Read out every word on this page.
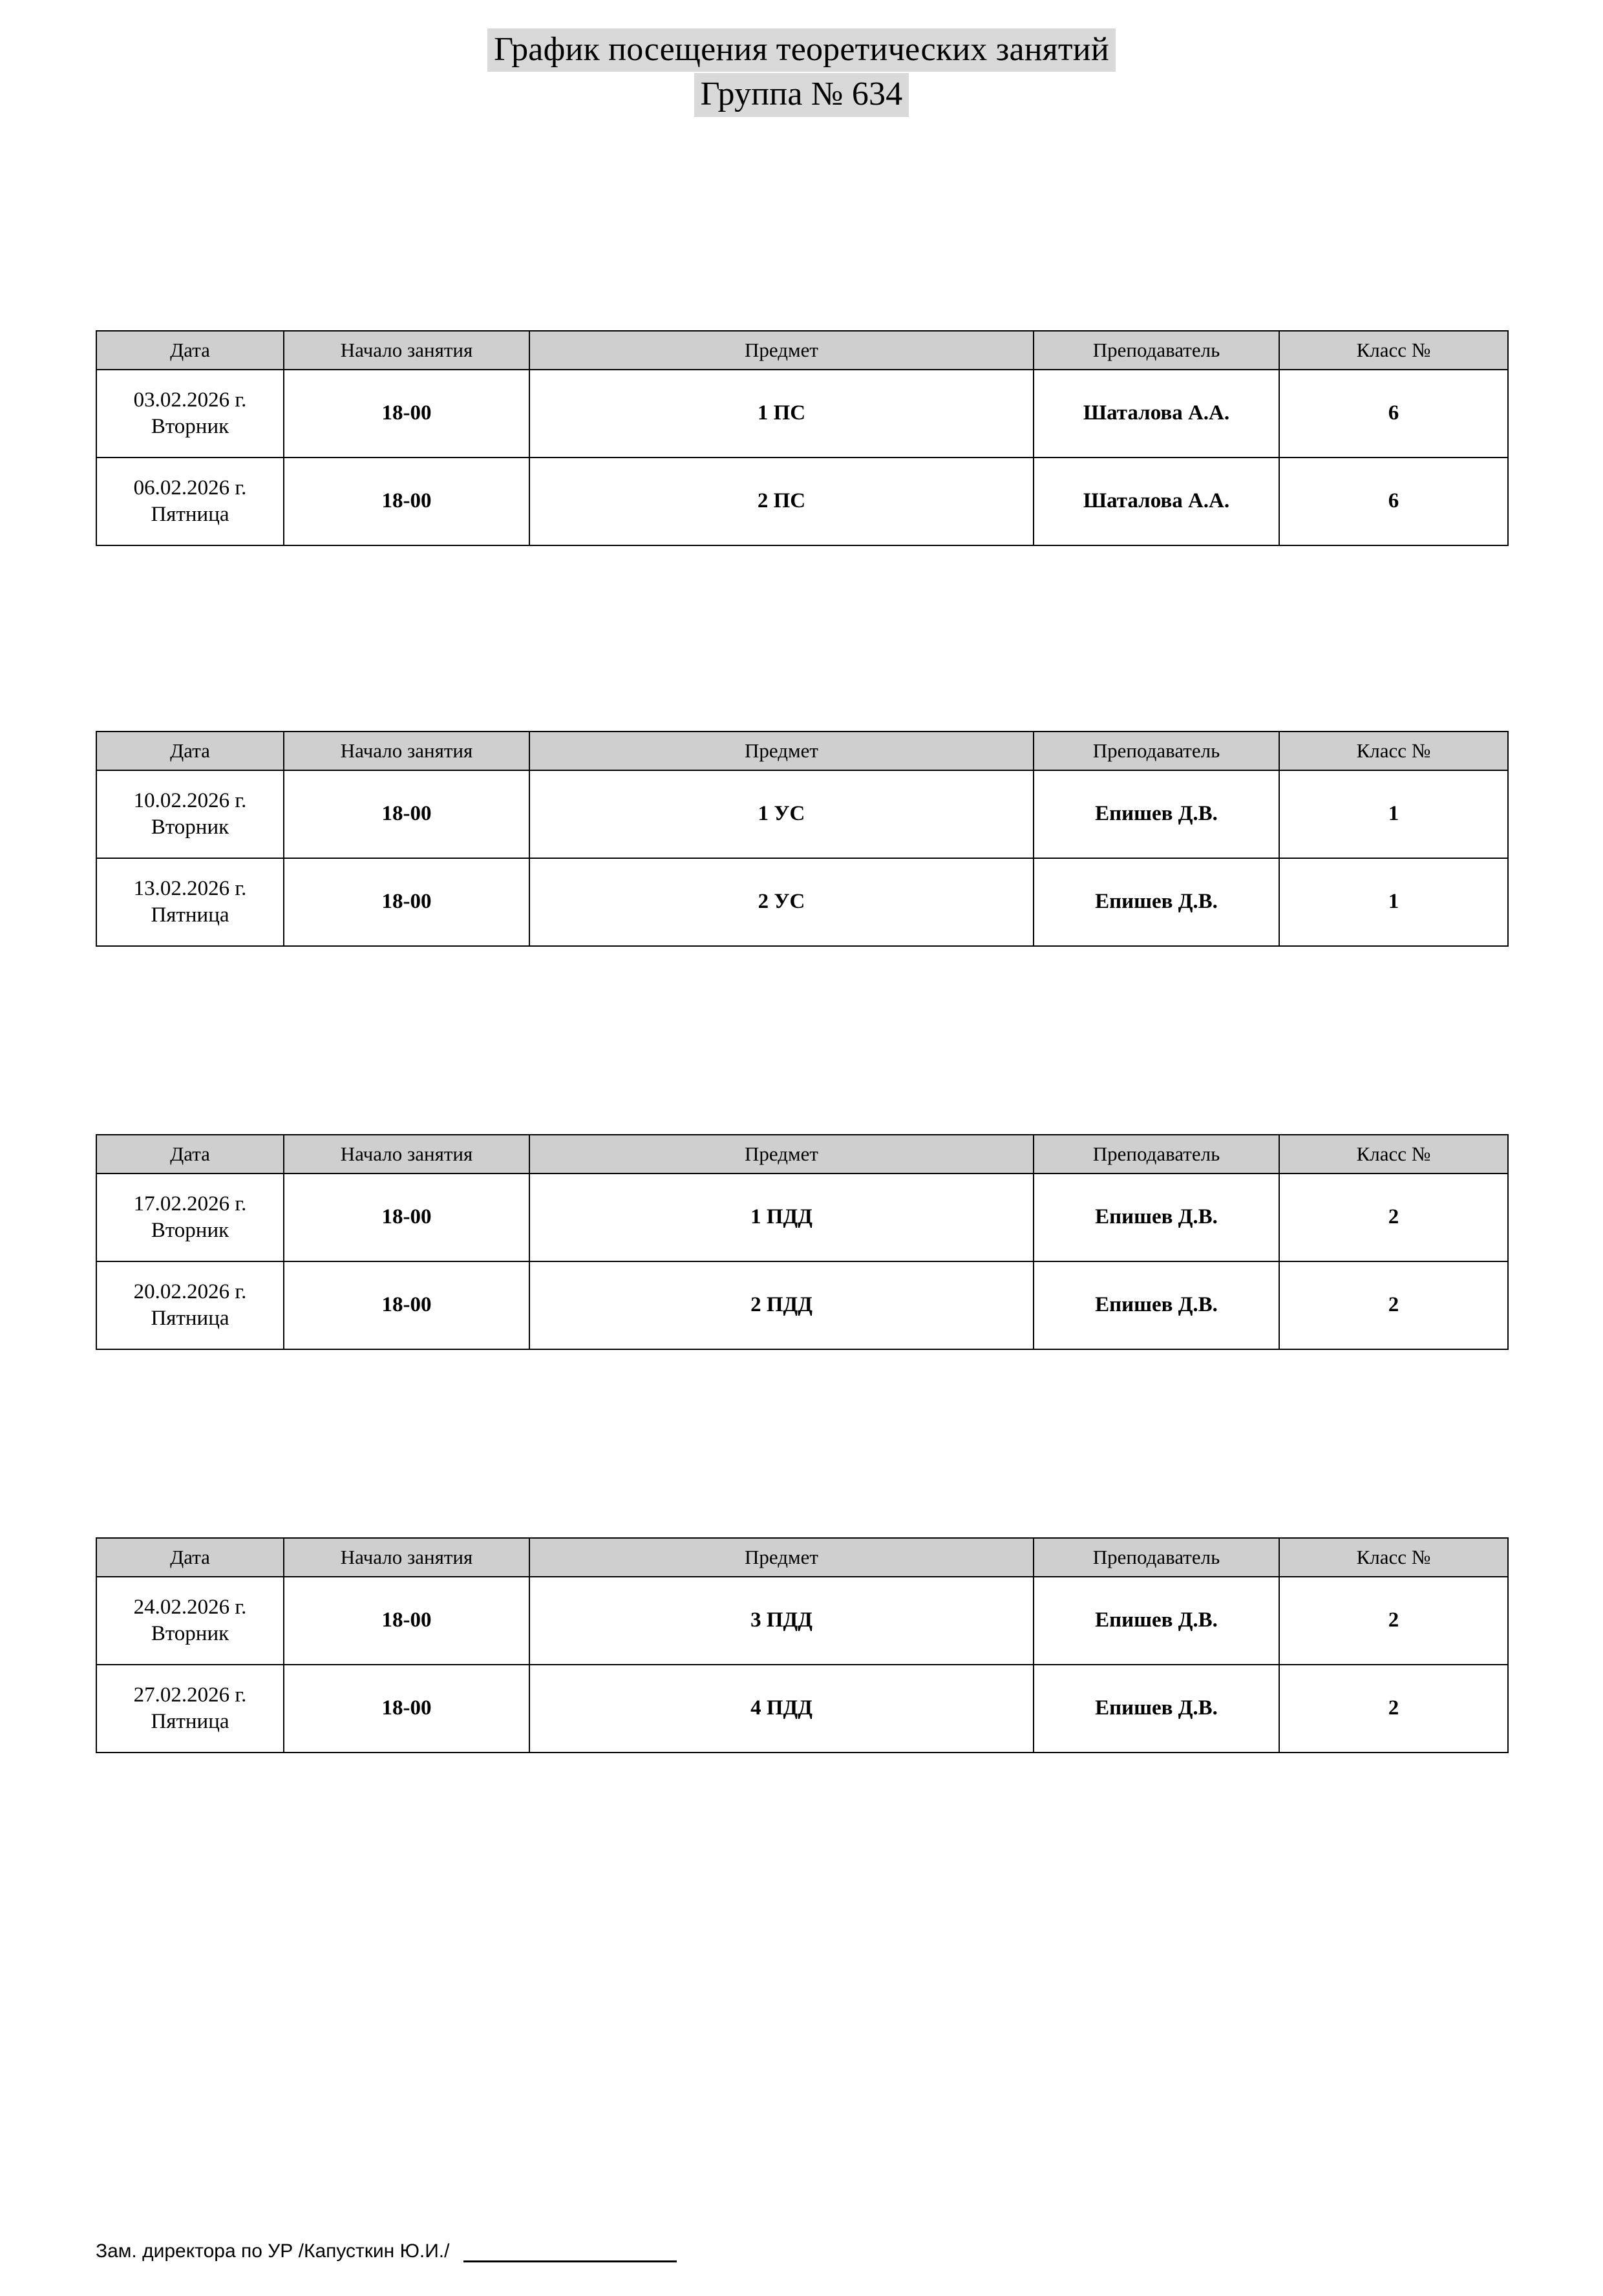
График посещения теоретических занятий
Группа № 634
Дата	Начало занятия	Предмет	Преподаватель	Класс №

03.02.2026 г.
Вторник	18-00	1 ПС	Шаталова А.А.	6

06.02.2026 г.
Пятница	18-00	2 ПС	Шаталова А.А.	6
Дата	Начало занятия	Предмет	Преподаватель	Класс №

10.02.2026 г.
Вторник	18-00	1 УС	Епишев Д.В.	1

13.02.2026 г.
Пятница	18-00	2 УС	Епишев Д.В.	1
Дата	Начало занятия	Предмет	Преподаватель	Класс №

17.02.2026 г.
Вторник	18-00	1 ПДД	Епишев Д.В.	2

20.02.2026 г.
Пятница	18-00	2 ПДД	Епишев Д.В.	2
Дата	Начало занятия	Предмет	Преподаватель	Класс №

24.02.2026 г.
Вторник	18-00	3 ПДД	Епишев Д.В.	2

27.02.2026 г.
Пятница	18-00	4 ПДД	Епишев Д.В.	2
Зам. директора по УР /Капусткин Ю.И./
